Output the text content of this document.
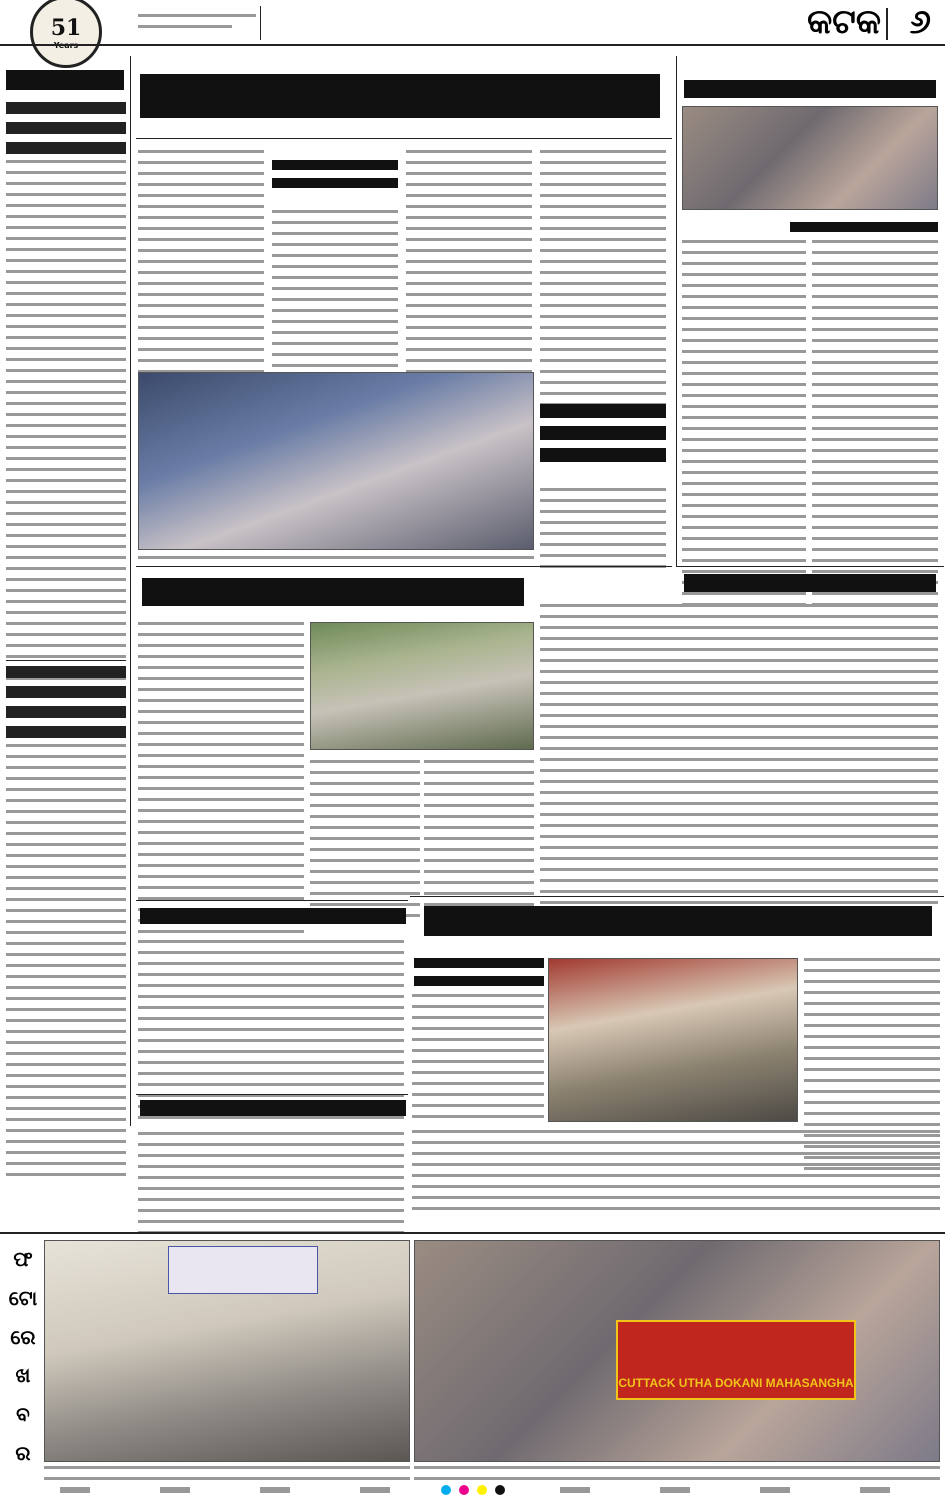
51	କଟକ ୬
ଫ
ଟୋ
ରେ
ଖ
ବ
ର
CUTTACK UTHA DOKANI MAHASANGHA
